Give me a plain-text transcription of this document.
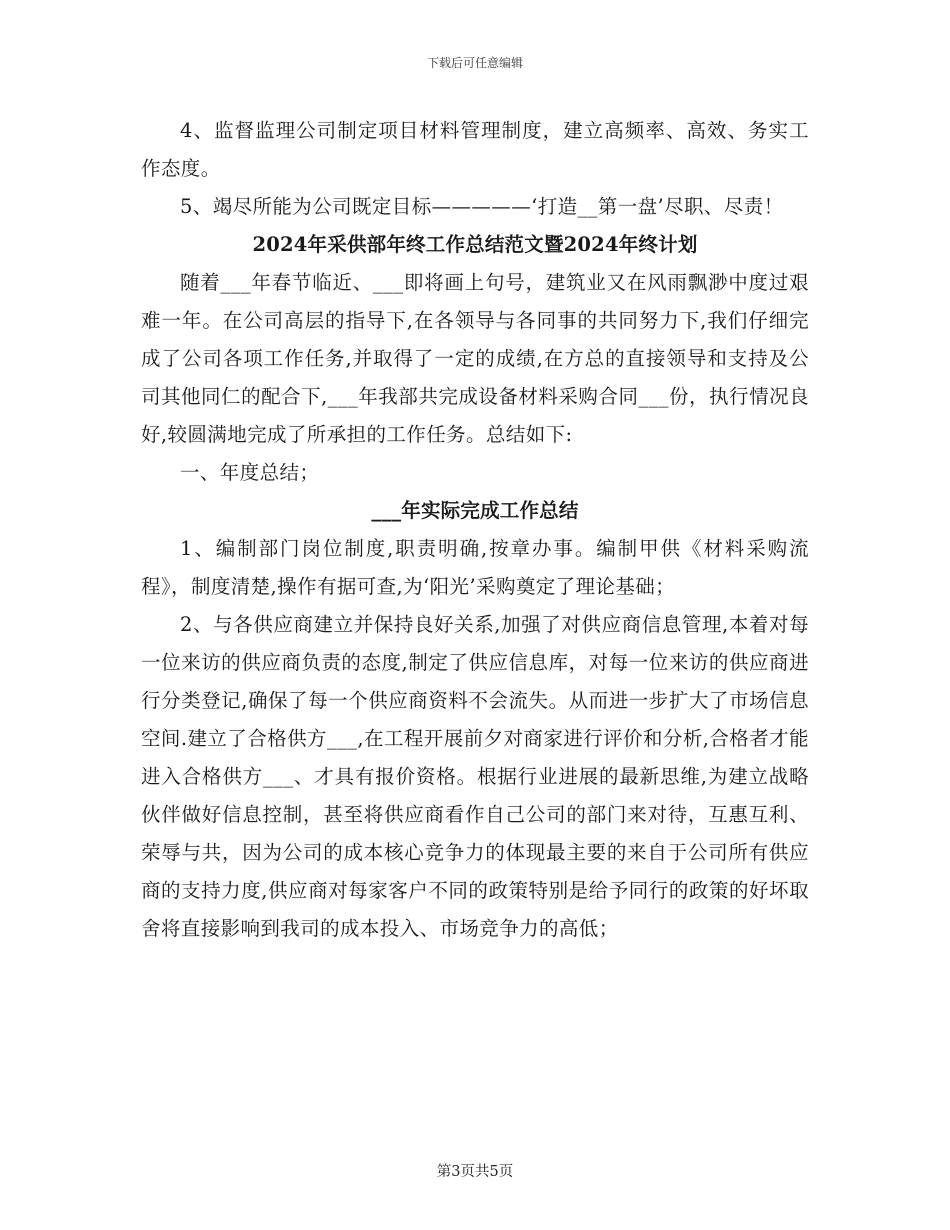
下载后可任意编辑

4、监督监理公司制定项目材料管理制度，建立高频率、高效、务实工作态度。

5、竭尽所能为公司既定目标—————‘打造__第一盘’尽职、尽责！

2024年采供部年终工作总结范文暨2024年终计划

随着___年春节临近、___即将画上句号，建筑业又在风雨飘渺中度过艰难一年。在公司高层的指导下,在各领导与各同事的共同努力下,我们仔细完成了公司各项工作任务,并取得了一定的成绩,在方总的直接领导和支持及公司其他同仁的配合下,___年我部共完成设备材料采购合同___份，执行情况良好,较圆满地完成了所承担的工作任务。总结如下:

一、年度总结；

___年实际完成工作总结

1、编制部门岗位制度,职责明确,按章办事。编制甲供《材料采购流程》，制度清楚,操作有据可查,为‘阳光’采购奠定了理论基础；

2、与各供应商建立并保持良好关系,加强了对供应商信息管理,本着对每一位来访的供应商负责的态度,制定了供应信息库，对每一位来访的供应商进行分类登记,确保了每一个供应商资料不会流失。从而进一步扩大了市场信息空间.建立了合格供方___,在工程开展前夕对商家进行评价和分析,合格者才能进入合格供方___、才具有报价资格。根据行业进展的最新思维,为建立战略伙伴做好信息控制，甚至将供应商看作自己公司的部门来对待，互惠互利、荣辱与共，因为公司的成本核心竞争力的体现最主要的来自于公司所有供应商的支持力度,供应商对每家客户不同的政策特别是给予同行的政策的好坏取舍将直接影响到我司的成本投入、市场竞争力的高低；

第3页共5页
